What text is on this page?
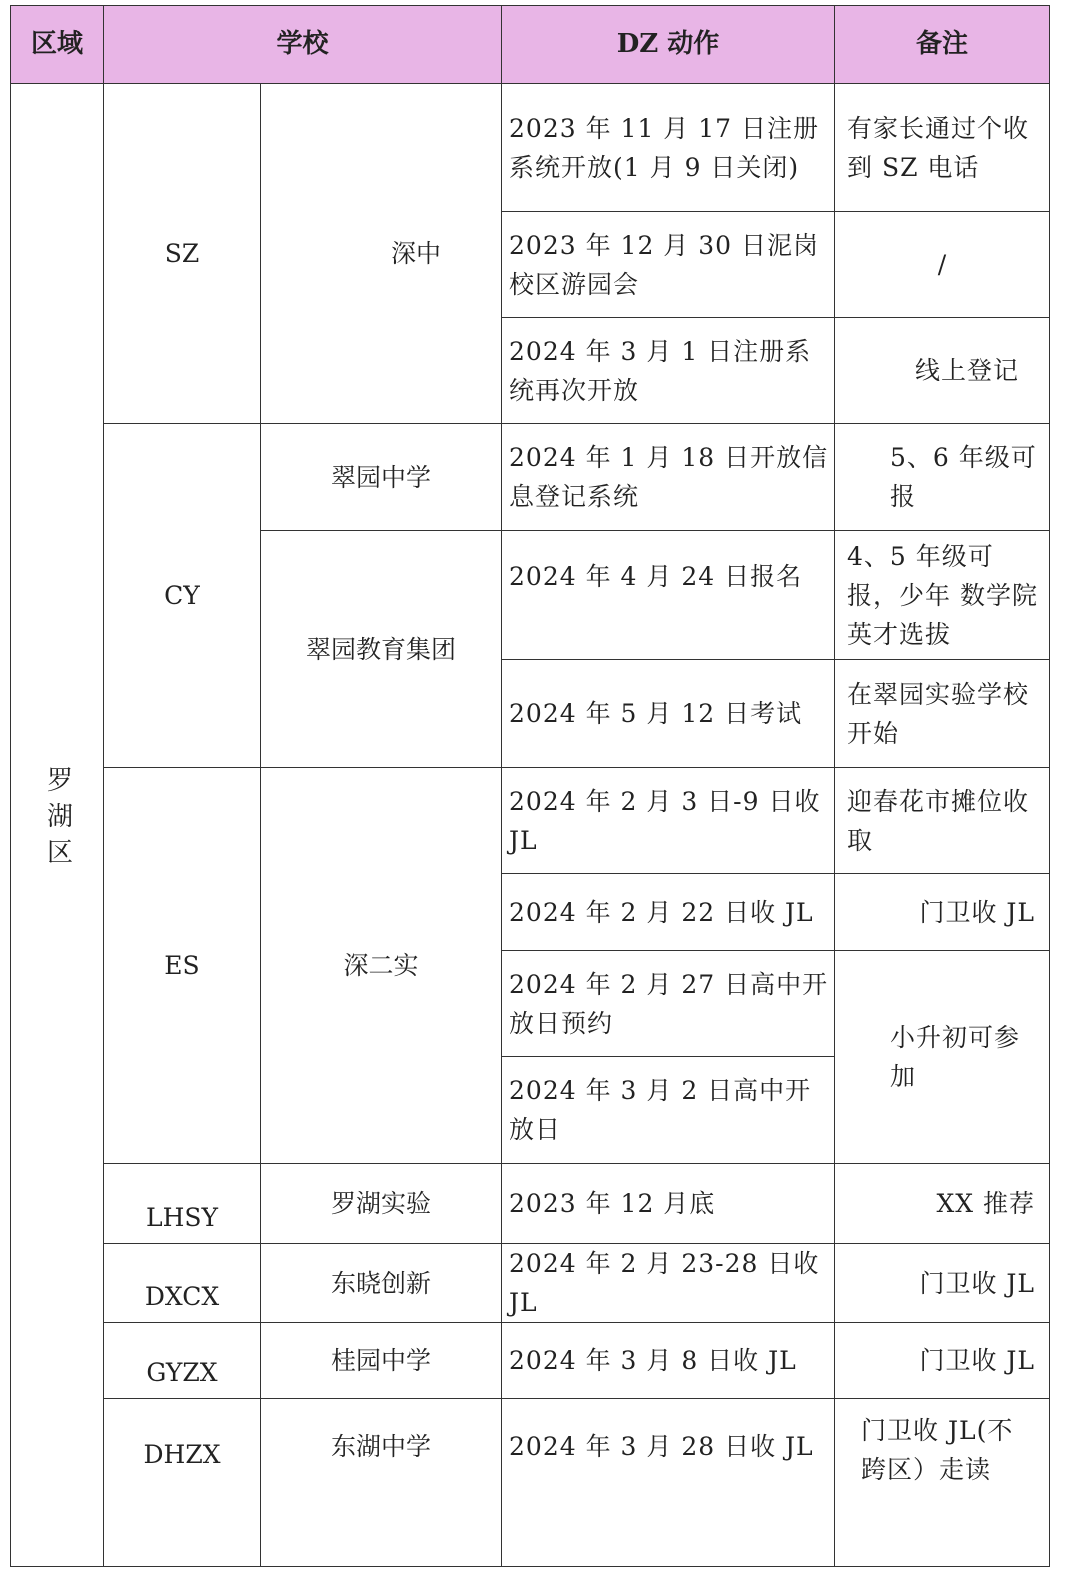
区域	学校		DZ 动作	备注
罗湖区	SZ	深中	2023 年 11 月 17 日注册系统开放(1 月 9 日关闭)	有家长通过个收到 SZ 电话
			2023 年 12 月 30 日泥岗校区游园会	/
			2024 年 3 月 1 日注册系统再次开放	线上登记
	CY	翠园中学	2024 年 1 月 18 日开放信息登记系统	5、6 年级可报
		翠园教育集团	2024 年 4 月 24 日报名	4、5 年级可报，少年 数学院英才选拔
			2024 年 5 月 12 日考试	在翠园实验学校开始
	ES	深二实	2024 年 2 月 3 日-9 日收 JL	迎春花市摊位收取
			2024 年 2 月 22 日收 JL	门卫收 JL
			2024 年 2 月 27 日高中开放日预约	小升初可参加
			2024 年 3 月 2 日高中开放日	
	LHSY	罗湖实验	2023 年 12 月底	XX 推荐
	DXCX	东晓创新	2024 年 2 月 23-28 日收 JL	门卫收 JL
	GYZX	桂园中学	2024 年 3 月 8 日收 JL	门卫收 JL
	DHZX	东湖中学	2024 年 3 月 28 日收 JL	门卫收 JL(不跨区）走读
